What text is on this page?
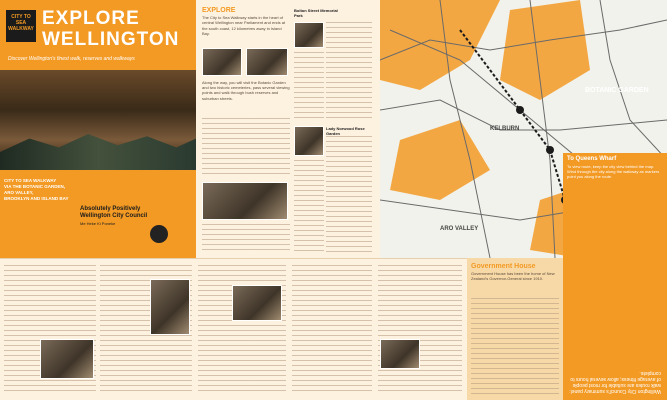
CITY TO SEA
WALKWAY EXPLORE
WELLINGTON
Discover Wellington's finest walk, reserves and walkways
CITY TO SEA WALKWAY
VIA THE BOTANIC GARDEN, ARO VALLEY,
BROOKLYN AND ISLAND BAY
Absolutely Positively
Wellington City Council
Me Heke Ki Poneke
EXPLORE
The City to Sea Walkway starts in the heart of central Wellington near Parliament and ends at the south coast, 12 kilometres away in Island Bay.
Along the way, you will visit the Botanic Garden and two historic cemeteries, pass several viewing points and walk through bush reserves and suburban streets.
Bolton Street Memorial Park
Lady Norwood Rose Garden
BOTANIC GARDEN
KELBURN
ARO VALLEY
To Queens Wharf
To view route, keep the city view behind the map. Wind through the city along the walkway as markers point you along the route.
Government House
Government House has been the home of New Zealand's Governor-General since 1910.
Wellington City Council's summary panel: walk routes are suitable for most people of average fitness; allow several hours to complete.
